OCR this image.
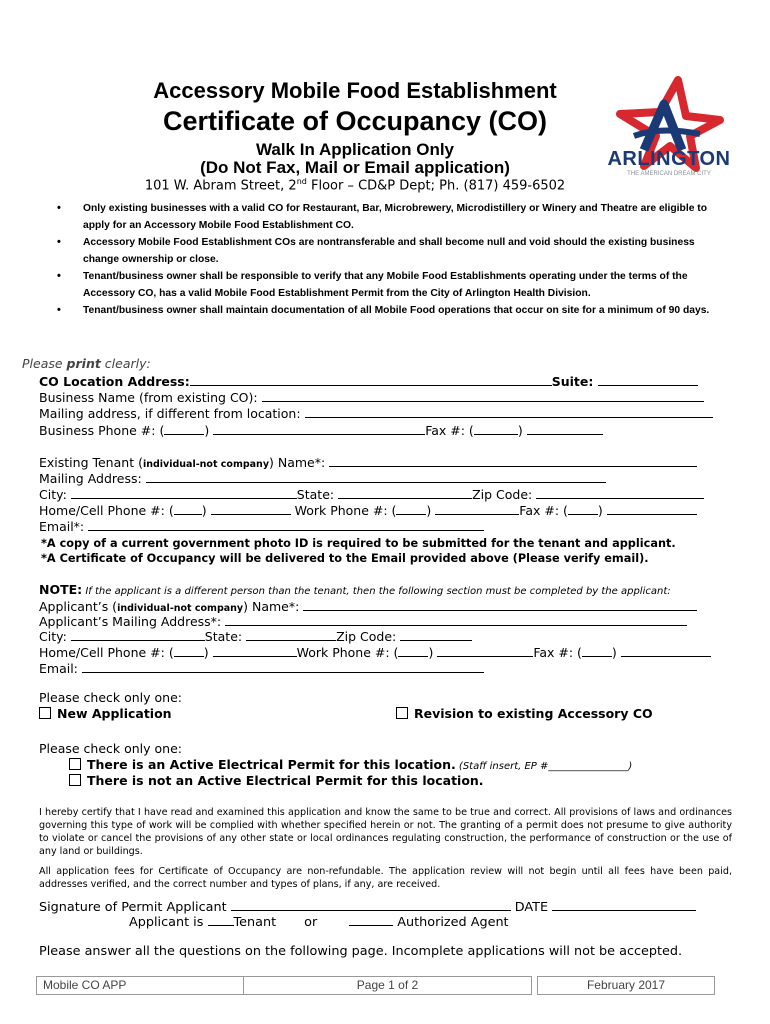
Accessory Mobile Food Establishment
Certificate of Occupancy (CO)
Walk In Application Only
(Do Not Fax, Mail or Email application)
101 W. Abram Street, 2nd Floor – CD&P Dept; Ph. (817) 459-6502
ARLINGTON
THE AMERICAN DREAM CITY
• Only existing businesses with a valid CO for Restaurant, Bar, Microbrewery, Microdistillery or Winery and Theatre are eligible to apply for an Accessory Mobile Food Establishment CO.
• Accessory Mobile Food Establishment COs are nontransferable and shall become null and void should the existing business change ownership or close.
• Tenant/business owner shall be responsible to verify that any Mobile Food Establishments operating under the terms of the Accessory CO, has a valid Mobile Food Establishment Permit from the City of Arlington Health Division.
• Tenant/business owner shall maintain documentation of all Mobile Food operations that occur on site for a minimum of 90 days.
Please print clearly:
CO Location Address:	Suite:
Business Name (from existing CO):
Mailing address, if different from location:
Business Phone #: (	)	Fax #: (	)
Existing Tenant (individual-not company) Name*:
Mailing Address:
City:	State:	Zip Code:
Home/Cell Phone #: ( )	Work Phone #: ( )	Fax #: ( )
Email*:
*A copy of a current government photo ID is required to be submitted for the tenant and applicant.
*A Certificate of Occupancy will be delivered to the Email provided above (Please verify email).
NOTE: If the applicant is a different person than the tenant, then the following section must be completed by the applicant:
Applicant’s (individual-not company) Name*:
Applicant’s Mailing Address*:
City:	State:	Zip Code:
Home/Cell Phone #: ( )	Work Phone #: ( )	Fax #: ( )
Email:
Please check only one:
New Application	Revision to existing Accessory CO
Please check only one:
There is an Active Electrical Permit for this location. (Staff insert, EP #________________)
There is not an Active Electrical Permit for this location.
I hereby certify that I have read and examined this application and know the same to be true and correct. All provisions of laws and ordinances governing this type of work will be complied with whether specified herein or not. The granting of a permit does not presume to give authority to violate or cancel the provisions of any other state or local ordinances regulating construction, the performance of construction or the use of any land or buildings.
All application fees for Certificate of Occupancy are non-refundable. The application review will not begin until all fees have been paid, addresses verified, and the correct number and types of plans, if any, are received.
Signature of Permit Applicant	DATE
Applicant is Tenant or	Authorized Agent
Please answer all the questions on the following page. Incomplete applications will not be accepted.
Mobile CO APP	Page 1 of 2	February 2017
